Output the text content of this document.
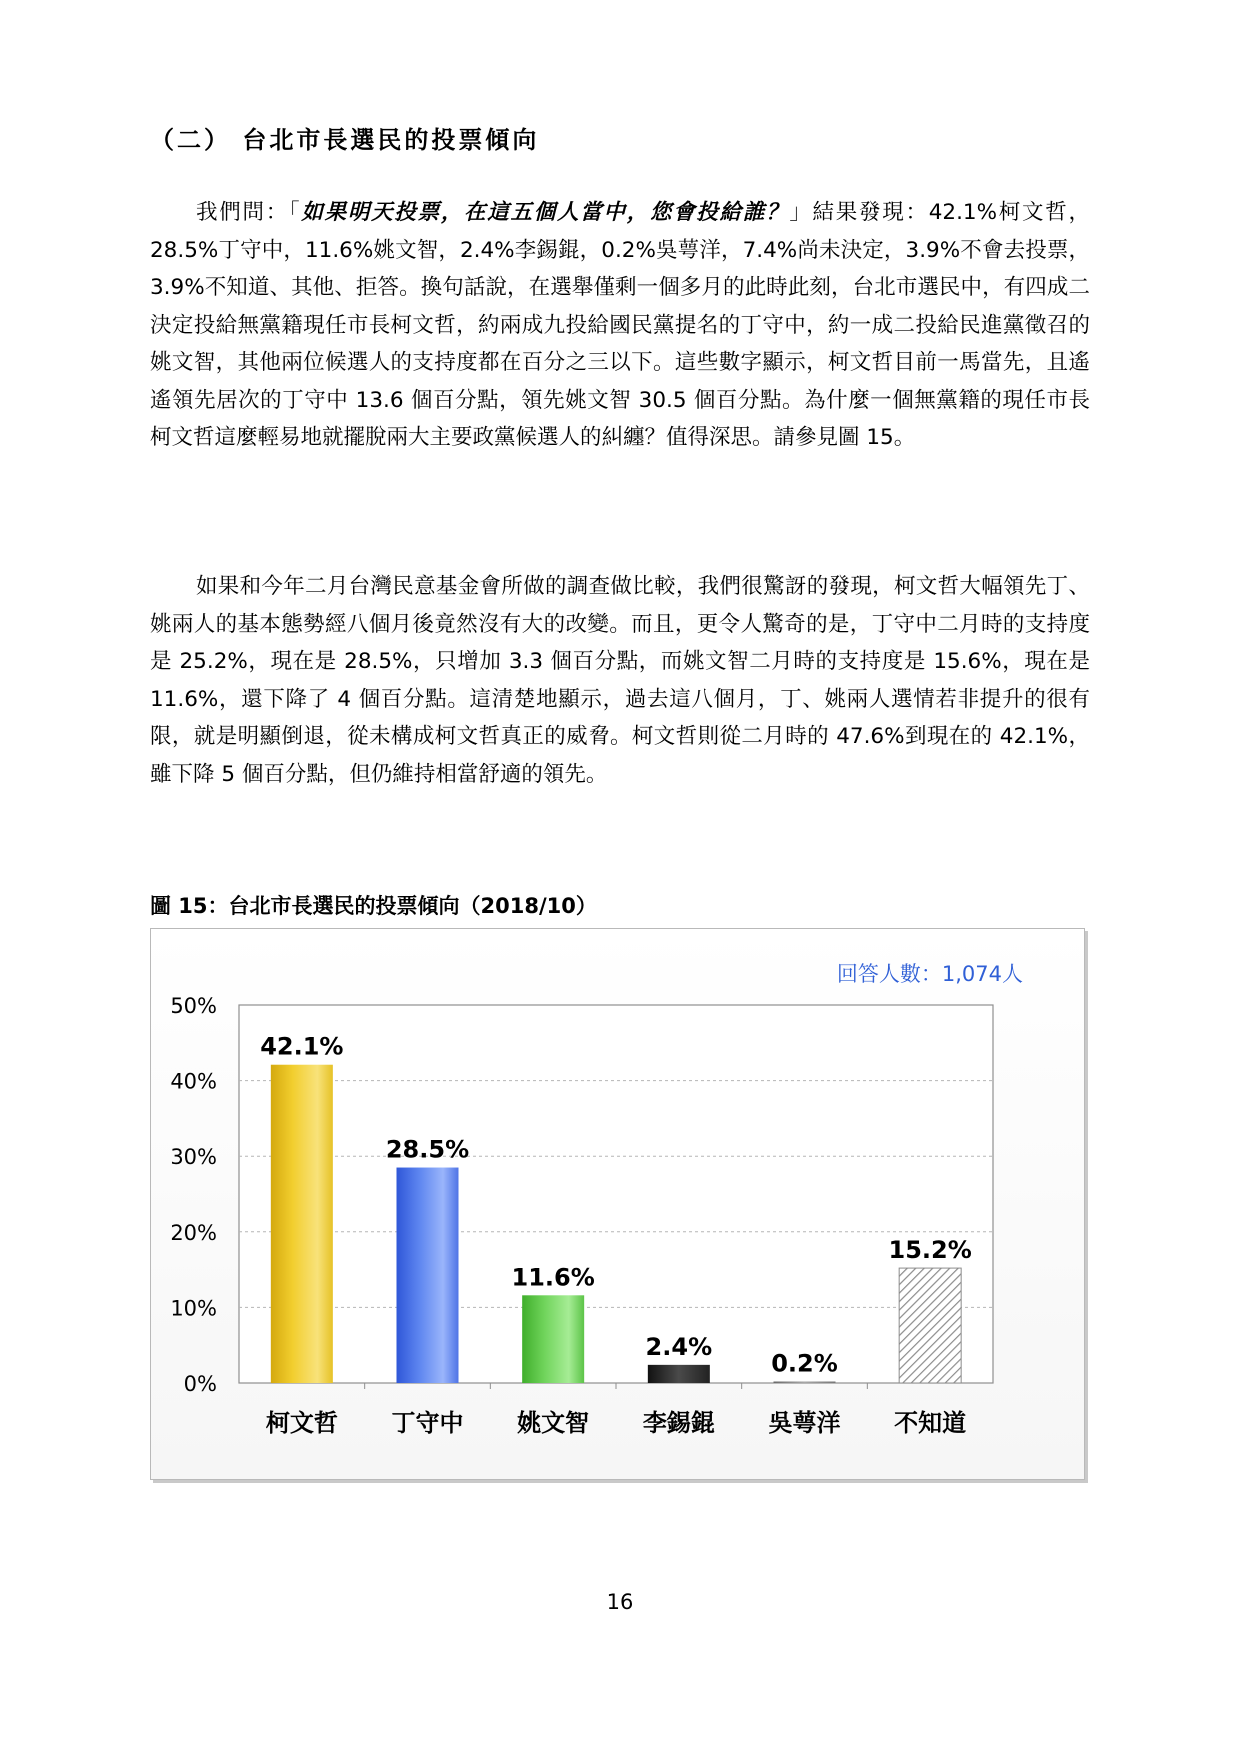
（二） 台北市長選民的投票傾向

我們問：「如果明天投票，在這五個人當中，您會投給誰？」結果發現：42.1%柯文哲，28.5%丁守中，11.6%姚文智，2.4%李錫錕，0.2%吳萼洋，7.4%尚未決定，3.9%不會去投票，3.9%不知道、其他、拒答。換句話說，在選舉僅剩一個多月的此時此刻，台北市選民中，有四成二決定投給無黨籍現任市長柯文哲，約兩成九投給國民黨提名的丁守中，約一成二投給民進黨徵召的姚文智，其他兩位候選人的支持度都在百分之三以下。這些數字顯示，柯文哲目前一馬當先，且遙遙領先居次的丁守中 13.6 個百分點，領先姚文智 30.5 個百分點。為什麼一個無黨籍的現任市長柯文哲這麼輕易地就擺脫兩大主要政黨候選人的糾纏？值得深思。請參見圖 15。

如果和今年二月台灣民意基金會所做的調查做比較，我們很驚訝的發現，柯文哲大幅領先丁、姚兩人的基本態勢經八個月後竟然沒有大的改變。而且，更令人驚奇的是，丁守中二月時的支持度是 25.2%，現在是 28.5%，只增加 3.3 個百分點，而姚文智二月時的支持度是 15.6%，現在是 11.6%，還下降了 4 個百分點。這清楚地顯示，過去這八個月，丁、姚兩人選情若非提升的很有限，就是明顯倒退，從未構成柯文哲真正的威脅。柯文哲則從二月時的 47.6%到現在的 42.1%，雖下降 5 個百分點，但仍維持相當舒適的領先。

圖 15：台北市長選民的投票傾向（2018/10）
0%
10%
20%
30%
40%
50%
42.1%
28.5%
11.6%
2.4%
0.2%
15.2%
柯文哲 丁守中 姚文智 李錫錕 吳萼洋 不知道
回答人數：1,074人
16
